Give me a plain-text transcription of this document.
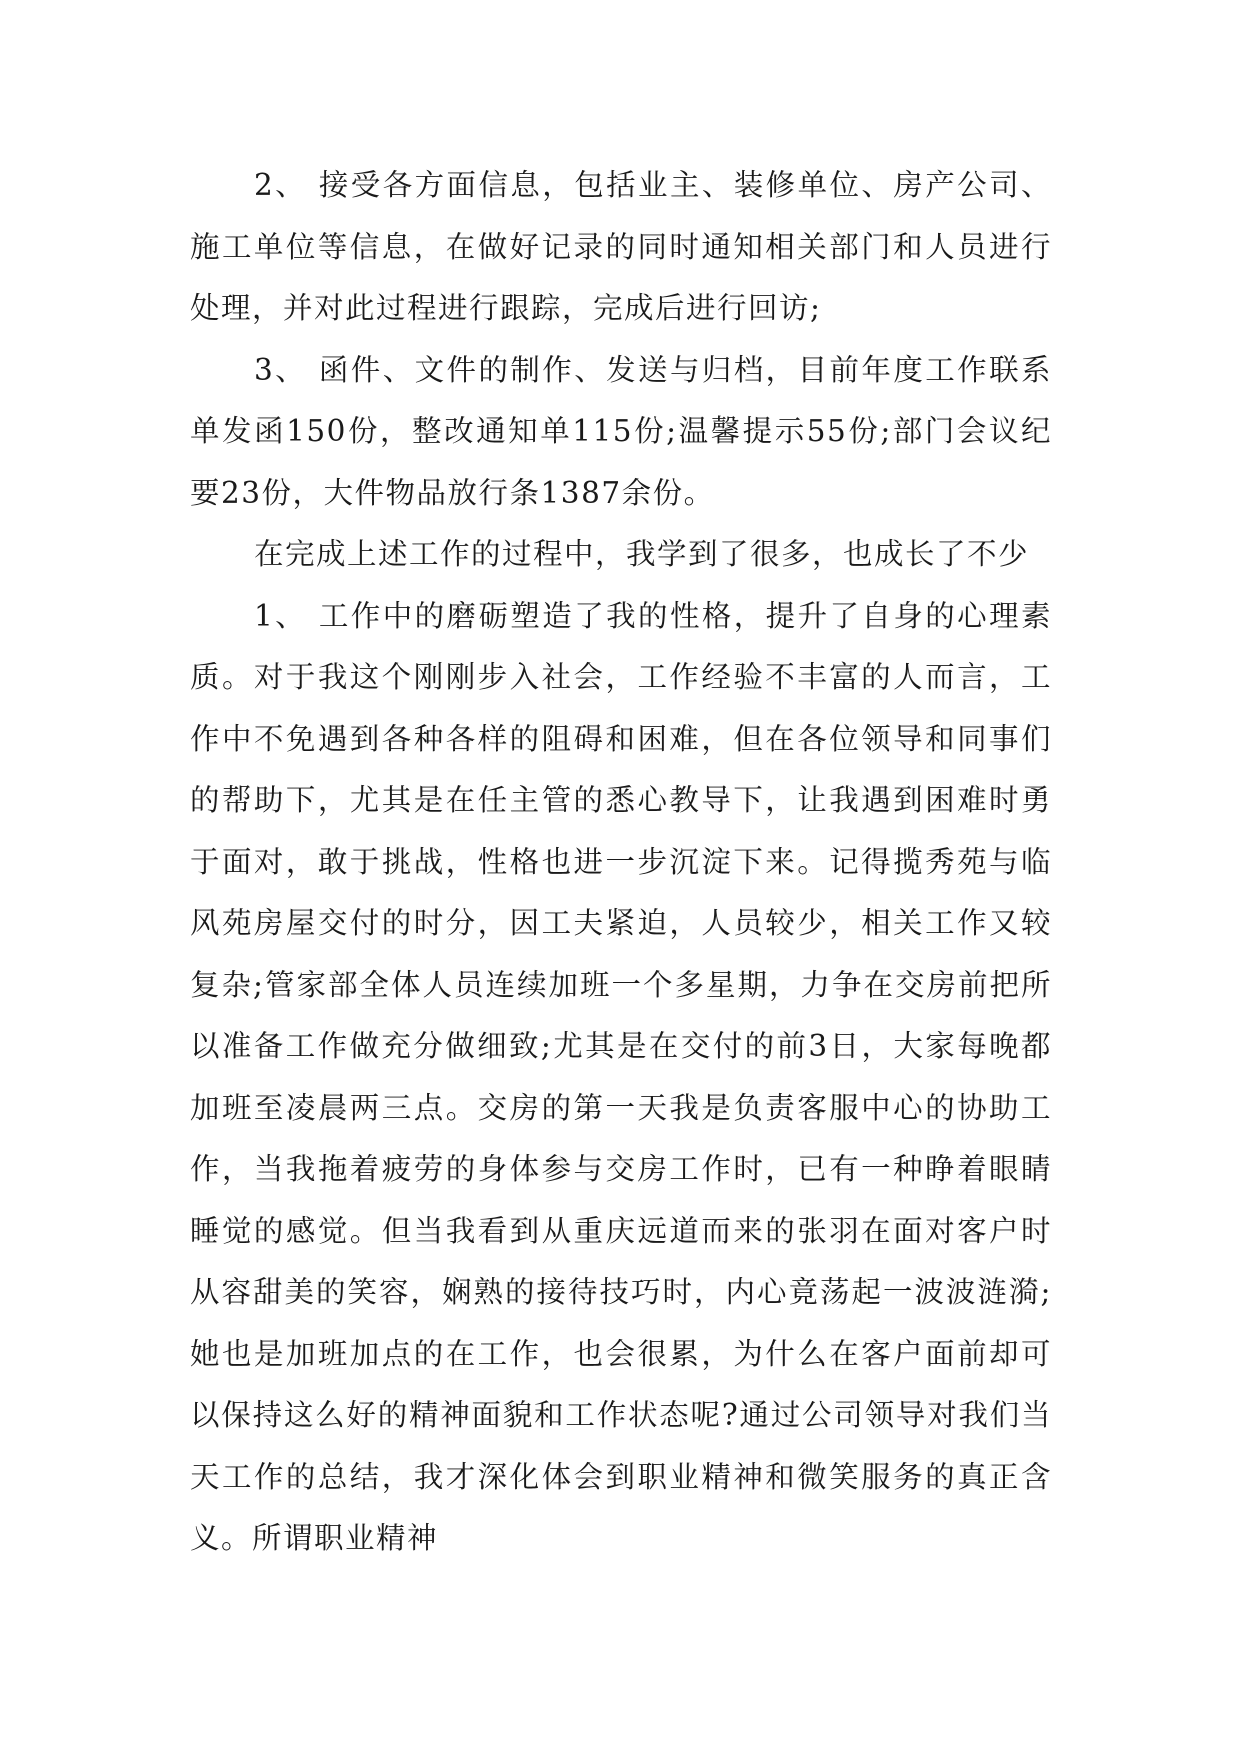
2、 接受各方面信息，包括业主、装修单位、房产公司、施工单位等信息，在做好记录的同时通知相关部门和人员进行处理，并对此过程进行跟踪，完成后进行回访;

3、 函件、文件的制作、发送与归档，目前年度工作联系单发函150份，整改通知单115份;温馨提示55份;部门会议纪要23份，大件物品放行条1387余份。

在完成上述工作的过程中，我学到了很多，也成长了不少

1、 工作中的磨砺塑造了我的性格，提升了自身的心理素质。对于我这个刚刚步入社会，工作经验不丰富的人而言，工作中不免遇到各种各样的阻碍和困难，但在各位领导和同事们的帮助下，尤其是在任主管的悉心教导下，让我遇到困难时勇于面对，敢于挑战，性格也进一步沉淀下来。记得揽秀苑与临风苑房屋交付的时分，因工夫紧迫，人员较少，相关工作又较复杂;管家部全体人员连续加班一个多星期，力争在交房前把所以准备工作做充分做细致;尤其是在交付的前3日，大家每晚都加班至凌晨两三点。交房的第一天我是负责客服中心的协助工作，当我拖着疲劳的身体参与交房工作时，已有一种睁着眼睛睡觉的感觉。但当我看到从重庆远道而来的张羽在面对客户时从容甜美的笑容，娴熟的接待技巧时，内心竟荡起一波波涟漪;她也是加班加点的在工作，也会很累，为什么在客户面前却可以保持这么好的精神面貌和工作状态呢?通过公司领导对我们当天工作的总结，我才深化体会到职业精神和微笑服务的真正含义。所谓职业精神
